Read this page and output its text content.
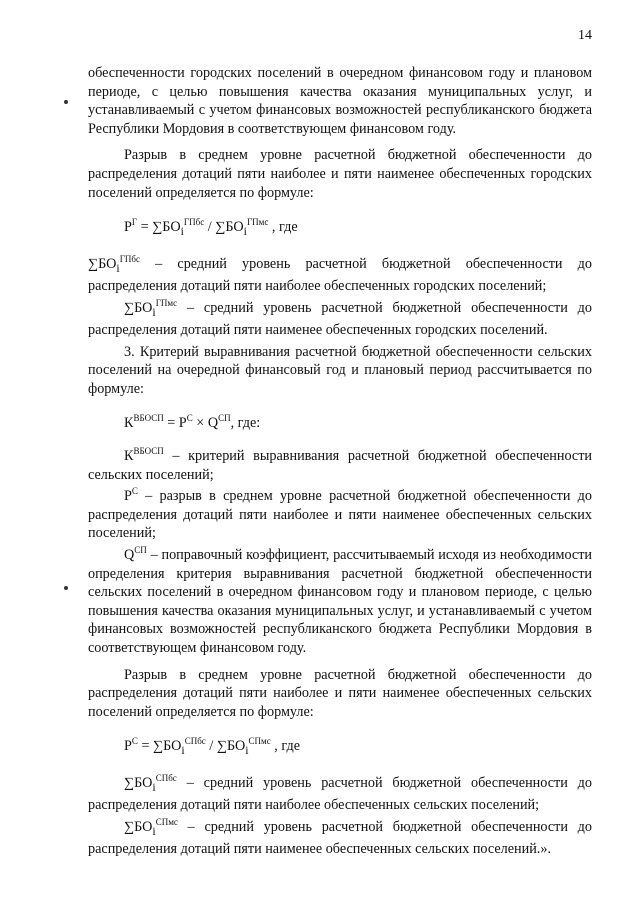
14

обеспеченности городских поселений в очередном финансовом году и плановом периоде, с целью повышения качества оказания муниципальных услуг, и устанавливаемый с учетом финансовых возможностей республиканского бюджета Республики Мордовия в соответствующем финансовом году.

Разрыв в среднем уровне расчетной бюджетной обеспеченности до распределения дотаций пяти наиболее и пяти наименее обеспеченных городских поселений определяется по формуле:

$Р^Г = \sum БО_i^{ГПбс} / \sum БО_i^{ГПмс}$ , где

$\sum БО_i^{ГПбс}$ – средний уровень расчетной бюджетной обеспеченности до распределения дотаций пяти наиболее обеспеченных городских поселений;

$\sum БО_i^{ГПмс}$ – средний уровень расчетной бюджетной обеспеченности до распределения дотаций пяти наименее обеспеченных городских поселений.

3. Критерий выравнивания расчетной бюджетной обеспеченности сельских поселений на очередной финансовый год и плановый период рассчитывается по формуле:

$К^{ВБОСП} = Р^С \times Q^{СП}$, где:

$К^{ВБОСП}$ – критерий выравнивания расчетной бюджетной обеспеченности сельских поселений;

$Р^С$ – разрыв в среднем уровне расчетной бюджетной обеспеченности до распределения дотаций пяти наиболее и пяти наименее обеспеченных сельских поселений;

$Q^{СП}$ – поправочный коэффициент, рассчитываемый исходя из необходимости определения критерия выравнивания расчетной бюджетной обеспеченности сельских поселений в очередном финансовом году и плановом периоде, с целью повышения качества оказания муниципальных услуг, и устанавливаемый с учетом финансовых возможностей республиканского бюджета Республики Мордовия в соответствующем финансовом году.

Разрыв в среднем уровне расчетной бюджетной обеспеченности до распределения дотаций пяти наиболее и пяти наименее обеспеченных сельских поселений определяется по формуле:

$Р^С = \sum БО_i^{СПбс} / \sum БО_i^{СПмс}$ , где

$\sum БО_i^{СПбс}$ – средний уровень расчетной бюджетной обеспеченности до распределения дотаций пяти наиболее обеспеченных сельских поселений;

$\sum БО_i^{СПмс}$ – средний уровень расчетной бюджетной обеспеченности до распределения дотаций пяти наименее обеспеченных сельских поселений.».
